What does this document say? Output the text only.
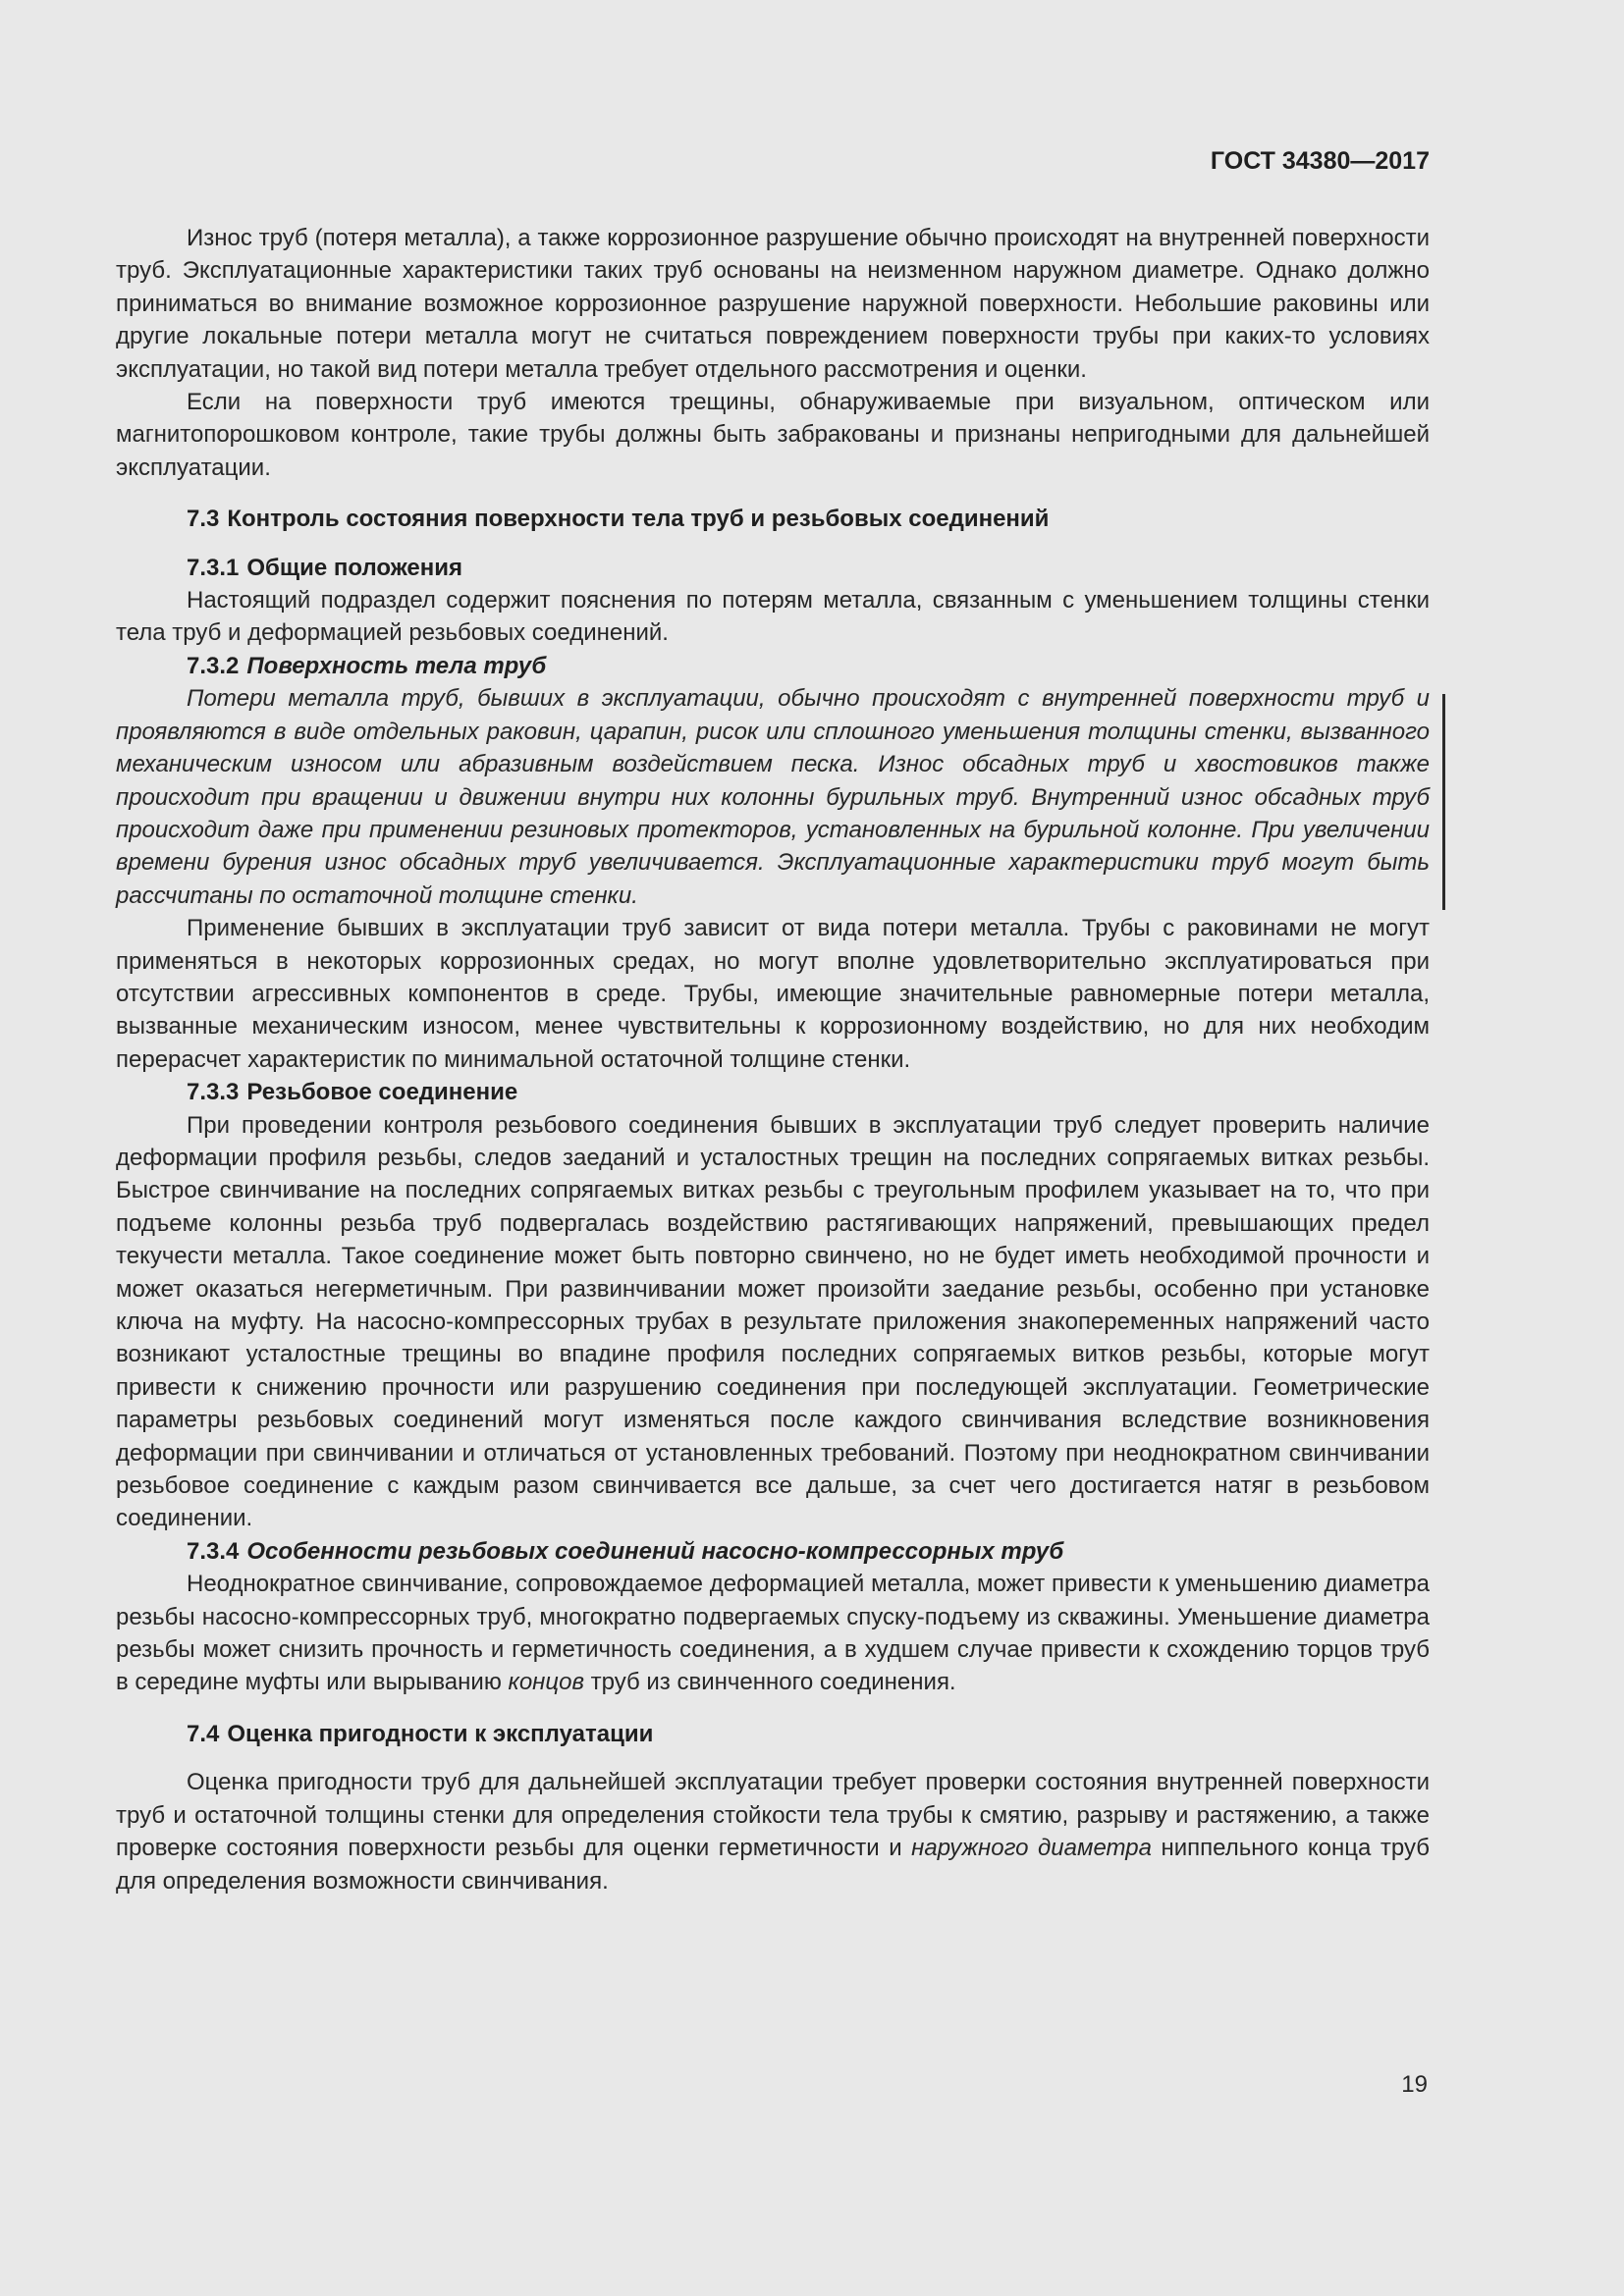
ГОСТ 34380—2017

Износ труб (потеря металла), а также коррозионное разрушение обычно происходят на внутренней поверхности труб. Эксплуатационные характеристики таких труб основаны на неизменном наружном диаметре. Однако должно приниматься во внимание возможное коррозионное разрушение наружной поверхности. Небольшие раковины или другие локальные потери металла могут не считаться повреждением поверхности трубы при каких-то условиях эксплуатации, но такой вид потери металла требует отдельного рассмотрения и оценки.

Если на поверхности труб имеются трещины, обнаруживаемые при визуальном, оптическом или магнитопорошковом контроле, такие трубы должны быть забракованы и признаны непригодными для дальнейшей эксплуатации.

7.3 Контроль состояния поверхности тела труб и резьбовых соединений
7.3.1 Общие положения

Настоящий подраздел содержит пояснения по потерям металла, связанным с уменьшением толщины стенки тела труб и деформацией резьбовых соединений.

7.3.2 Поверхность тела труб

Потери металла труб, бывших в эксплуатации, обычно происходят с внутренней поверхности труб и проявляются в виде отдельных раковин, царапин, рисок или сплошного уменьшения толщины стенки, вызванного механическим износом или абразивным воздействием песка. Износ обсадных труб и хвостовиков также происходит при вращении и движении внутри них колонны бурильных труб. Внутренний износ обсадных труб происходит даже при применении резиновых протекторов, установленных на бурильной колонне. При увеличении времени бурения износ обсадных труб увеличивается. Эксплуатационные характеристики труб могут быть рассчитаны по остаточной толщине стенки.

Применение бывших в эксплуатации труб зависит от вида потери металла. Трубы с раковинами не могут применяться в некоторых коррозионных средах, но могут вполне удовлетворительно эксплуатироваться при отсутствии агрессивных компонентов в среде. Трубы, имеющие значительные равномерные потери металла, вызванные механическим износом, менее чувствительны к коррозионному воздействию, но для них необходим перерасчет характеристик по минимальной остаточной толщине стенки.

7.3.3 Резьбовое соединение

При проведении контроля резьбового соединения бывших в эксплуатации труб следует проверить наличие деформации профиля резьбы, следов заеданий и усталостных трещин на последних сопрягаемых витках резьбы. Быстрое свинчивание на последних сопрягаемых витках резьбы с треугольным профилем указывает на то, что при подъеме колонны резьба труб подвергалась воздействию растягивающих напряжений, превышающих предел текучести металла. Такое соединение может быть повторно свинчено, но не будет иметь необходимой прочности и может оказаться негерметичным. При развинчивании может произойти заедание резьбы, особенно при установке ключа на муфту. На насосно-компрессорных трубах в результате приложения знакопеременных напряжений часто возникают усталостные трещины во впадине профиля последних сопрягаемых витков резьбы, которые могут привести к снижению прочности или разрушению соединения при последующей эксплуатации. Геометрические параметры резьбовых соединений могут изменяться после каждого свинчивания вследствие возникновения деформации при свинчивании и отличаться от установленных требований. Поэтому при неоднократном свинчивании резьбовое соединение с каждым разом свинчивается все дальше, за счет чего достигается натяг в резьбовом соединении.

7.3.4 Особенности резьбовых соединений насосно-компрессорных труб

Неоднократное свинчивание, сопровождаемое деформацией металла, может привести к уменьшению диаметра резьбы насосно-компрессорных труб, многократно подвергаемых спуску-подъему из скважины. Уменьшение диаметра резьбы может снизить прочность и герметичность соединения, а в худшем случае привести к схождению торцов труб в середине муфты или вырыванию концов труб из свинченного соединения.

7.4 Оценка пригодности к эксплуатации

Оценка пригодности труб для дальнейшей эксплуатации требует проверки состояния внутренней поверхности труб и остаточной толщины стенки для определения стойкости тела трубы к смятию, разрыву и растяжению, а также проверке состояния поверхности резьбы для оценки герметичности и наружного диаметра ниппельного конца труб для определения возможности свинчивания.

19
